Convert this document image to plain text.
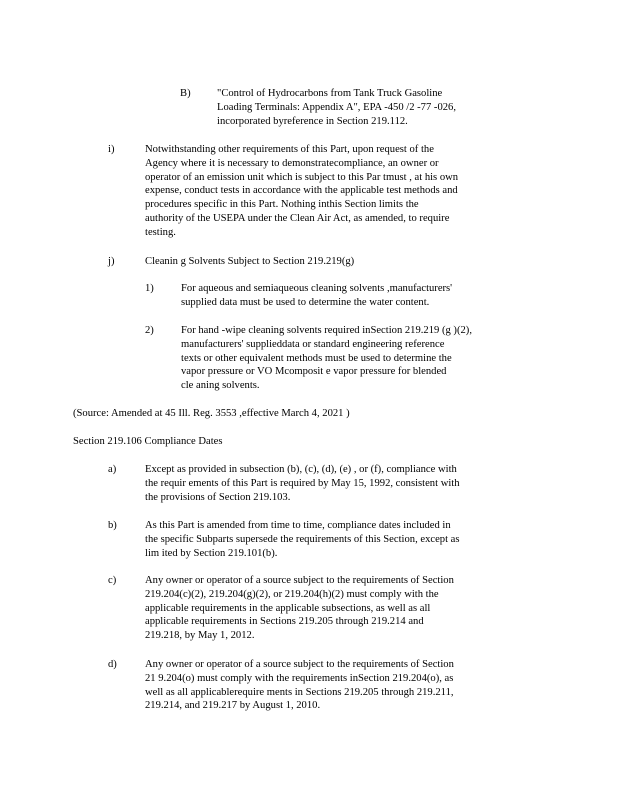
B) "Control of Hydrocarbons from Tank Truck Gasoline
Loading Terminals: Appendix A", EPA -450 /2 -77 -026,
incorporated byreference in Section 219.112.
i)	Notwithstanding other requirements of this Part, upon request of the
Agency where it is necessary to demonstratecompliance, an owner or
operator of an emission unit which is subject to this Par tmust , at his own
expense, conduct tests in accordance with the applicable test methods and
procedures specific in this Part. Nothing inthis Section limits the
authority of the USEPA under the Clean Air Act, as amended, to require
testing.
j)	Cleanin g Solvents Subject to Section 219.219(g)
1)	For aqueous and semiaqueous cleaning solvents ,manufacturers'
supplied data must be used to determine the water content.
2)	For hand -wipe cleaning solvents required inSection 219.219 (g )(2),
manufacturers' supplieddata or standard engineering reference
texts or other equivalent methods must be used to determine the
vapor pressure or VO Mcomposit e vapor pressure for blended
cle aning solvents.
(Source: Amended at 45 Ill. Reg. 3553 ,effective March 4, 2021 )
Section 219.106 Compliance Dates
a)	Except as provided in subsection (b), (c), (d), (e) , or (f), compliance with
the requir ements of this Part is required by May 15, 1992, consistent with
the provisions of Section 219.103.
b)	As this Part is amended from time to time, compliance dates included in
the specific Subparts supersede the requirements of this Section, except as
lim ited by Section 219.101(b).
c)	Any owner or operator of a source subject to the requirements of Section
219.204(c)(2), 219.204(g)(2), or 219.204(h)(2) must comply with the
applicable requirements in the applicable subsections, as well as all
applicable requirements in Sections 219.205 through 219.214 and
219.218, by May 1, 2012.
d)	Any owner or operator of a source subject to the requirements of Section
21 9.204(o) must comply with the requirements inSection 219.204(o), as
well as all applicablerequire ments in Sections 219.205 through 219.211,
219.214, and 219.217 by August 1, 2010.
